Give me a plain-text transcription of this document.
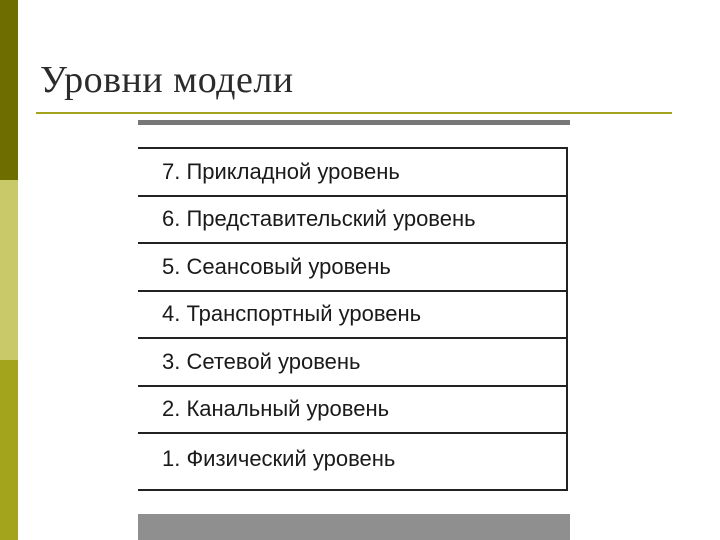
Уровни модели
7. Прикладной уровень
6. Представительский уровень
5. Сеансовый уровень
4. Транспортный уровень
3. Сетевой уровень
2. Канальный уровень
1. Физический уровень
